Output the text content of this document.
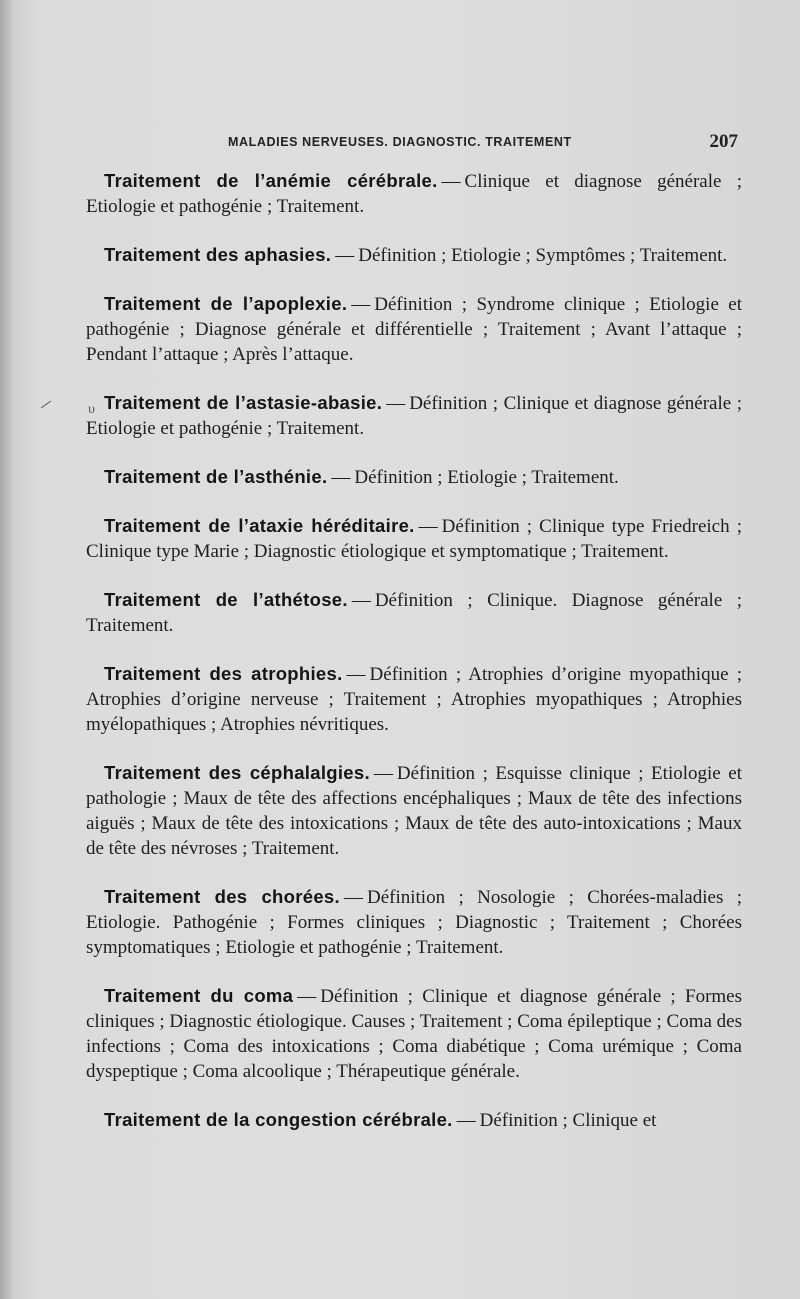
MALADIES NERVEUSES. DIAGNOSTIC. TRAITEMENT	207
υ

Traitement de l’anémie cérébrale. — Clinique et diagnose générale ; Etiologie et pathogénie ; Traitement.

Traitement des aphasies. — Définition ; Etiologie ; Symptômes ; Traitement.

Traitement de l’apoplexie. — Définition ; Syndrome clinique ; Etiologie et pathogénie ; Diagnose générale et différentielle ; Traitement ; Avant l’attaque ; Pendant l’attaque ; Après l’attaque.

Traitement de l’astasie-abasie. — Définition ; Clinique et diagnose générale ; Etiologie et pathogénie ; Traitement.

Traitement de l’asthénie. — Définition ; Etiologie ; Traitement.

Traitement de l’ataxie héréditaire. — Définition ; Clinique type Friedreich ; Clinique type Marie ; Diagnostic étiologique et symptomatique ; Traitement.

Traitement de l’athétose. — Définition ; Clinique. Diagnose générale ; Traitement.

Traitement des atrophies. — Définition ; Atrophies d’origine myopathique ; Atrophies d’origine nerveuse ; Traitement ; Atrophies myopathiques ; Atrophies myélopathiques ; Atrophies névritiques.

Traitement des céphalalgies. — Définition ; Esquisse clinique ; Etiologie et pathologie ; Maux de tête des affections encéphaliques ; Maux de tête des infections aiguës ; Maux de tête des intoxications ; Maux de tête des auto-intoxications ; Maux de tête des névroses ; Traitement.

Traitement des chorées. — Définition ; Nosologie ; Chorées-maladies ; Etiologie. Pathogénie ; Formes cliniques ; Diagnostic ; Traitement ; Chorées symptomatiques ; Etiologie et pathogénie ; Traitement.

Traitement du coma — Définition ; Clinique et diagnose générale ; Formes cliniques ; Diagnostic étiologique. Causes ; Traitement ; Coma épileptique ; Coma des infections ; Coma des intoxications ; Coma diabétique ; Coma urémique ; Coma dyspeptique ; Coma alcoolique ; Thérapeutique générale.

Traitement de la congestion cérébrale. — Définition ; Clinique et
